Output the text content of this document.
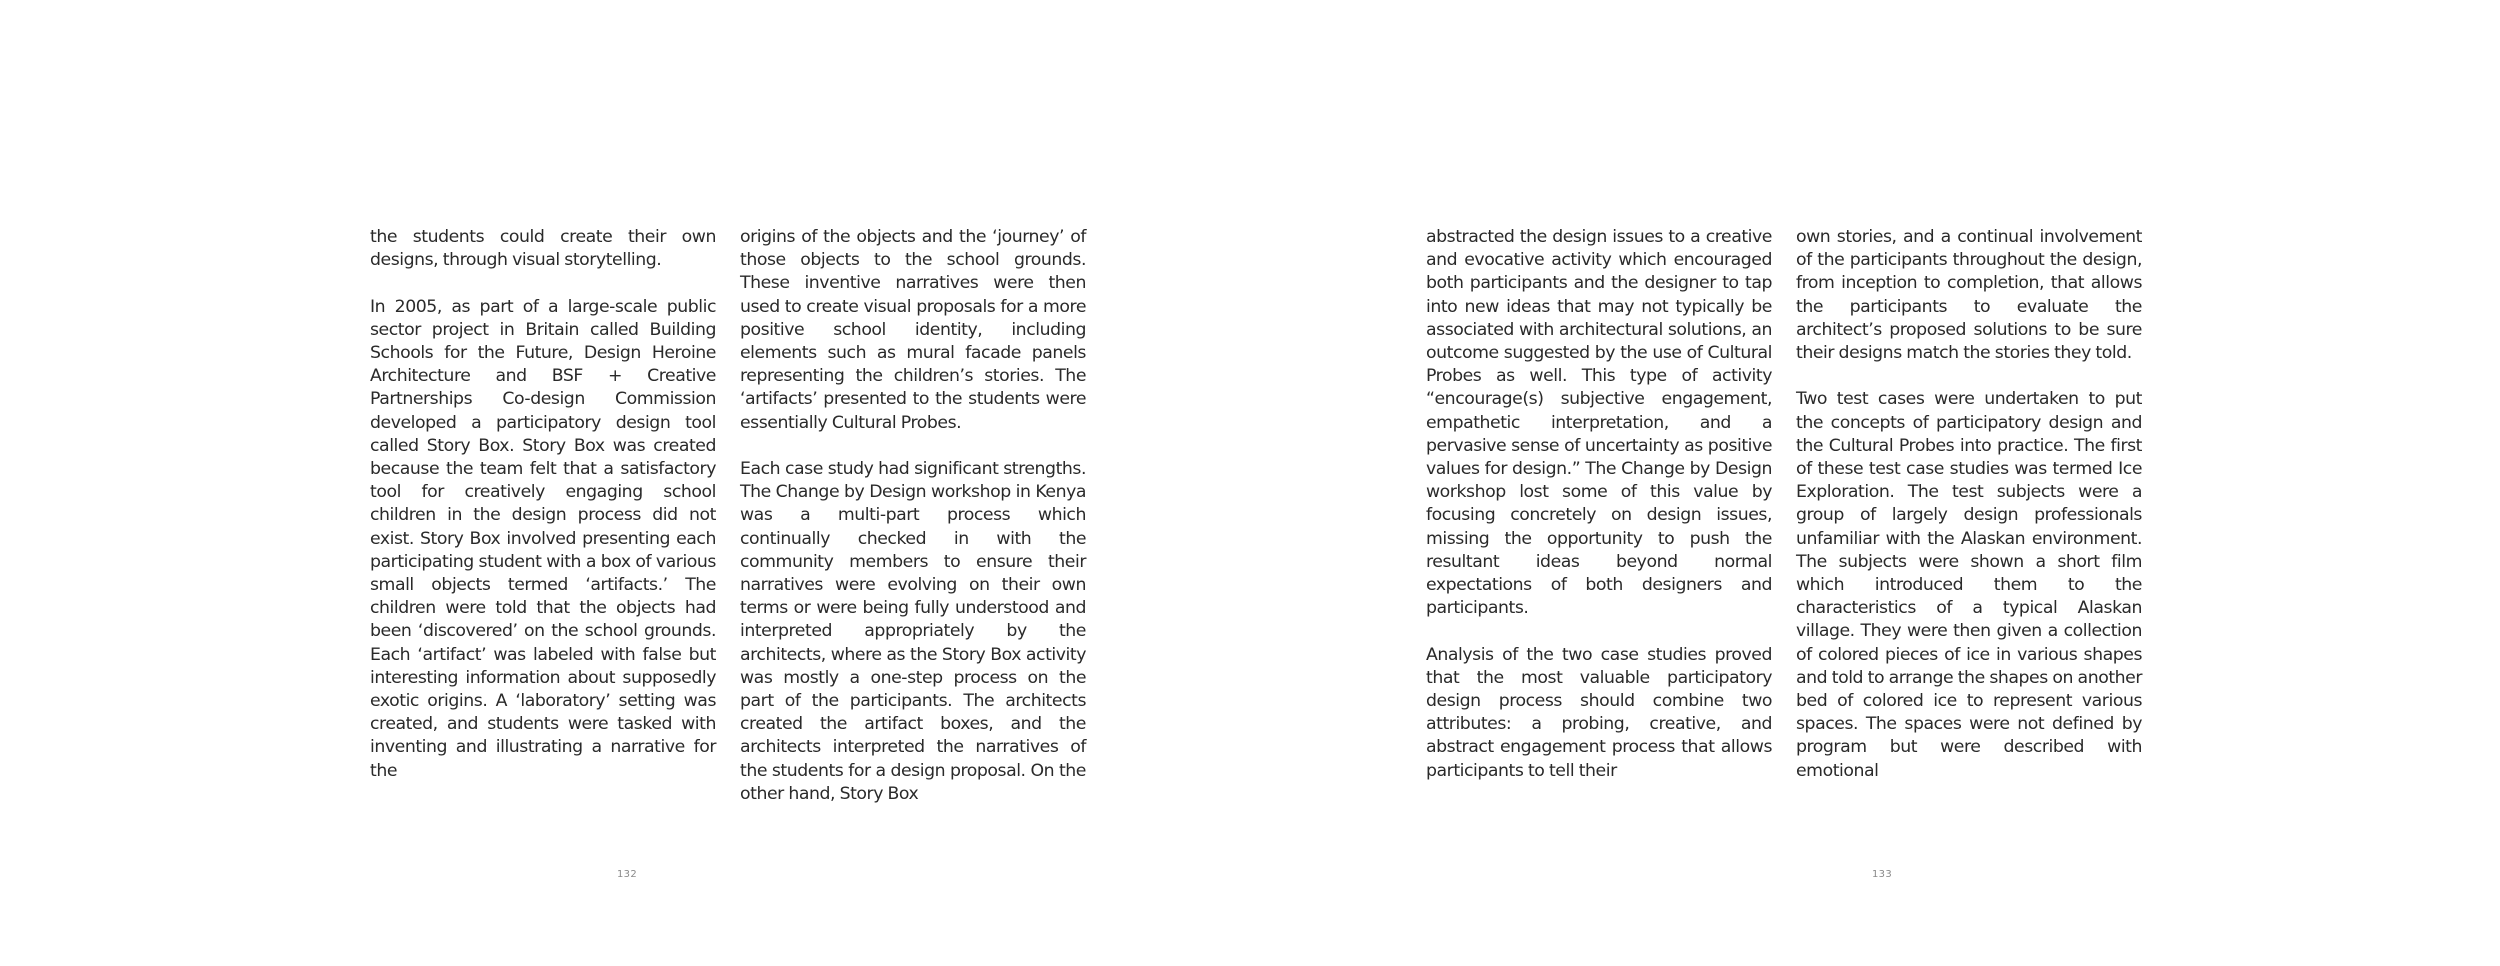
the students could create their own designs, through visual storytelling.

In 2005, as part of a large-scale public sector project in Britain called Building Schools for the Future, Design Heroine Architecture and BSF + Creative Partnerships Co-design Commission developed a participatory design tool called Story Box. Story Box was created because the team felt that a satisfactory tool for creatively engaging school children in the design process did not exist. Story Box involved presenting each participating student with a box of various small objects termed ‘artifacts.’ The children were told that the objects had been ‘discovered’ on the school grounds. Each ‘artifact’ was labeled with false but interesting information about supposedly exotic origins. A ‘laboratory’ setting was created, and students were tasked with inventing and illustrating a narrative for the

origins of the objects and the ‘journey’ of those objects to the school grounds. These inventive narratives were then used to create visual proposals for a more positive school identity, including elements such as mural facade panels representing the children’s stories. The ‘artifacts’ presented to the students were essentially Cultural Probes.

Each case study had significant strengths. The Change by Design workshop in Kenya was a multi-part process which continually checked in with the community members to ensure their narratives were evolving on their own terms or were being fully understood and interpreted appropriately by the architects, where as the Story Box activity was mostly a one-step process on the part of the participants. The architects created the artifact boxes, and the architects interpreted the narratives of the students for a design proposal. On the other hand, Story Box

132

abstracted the design issues to a creative and evocative activity which encouraged both participants and the designer to tap into new ideas that may not typically be associated with architectural solutions, an outcome suggested by the use of Cultural Probes as well. This type of activity “encourage(s) subjective engagement, empathetic interpretation, and a pervasive sense of uncertainty as positive values for design.” The Change by Design workshop lost some of this value by focusing concretely on design issues, missing the opportunity to push the resultant ideas beyond normal expectations of both designers and participants.

Analysis of the two case studies proved that the most valuable participatory design process should combine two attributes: a probing, creative, and abstract engagement process that allows participants to tell their

own stories, and a continual involvement of the participants throughout the design, from inception to completion, that allows the participants to evaluate the architect’s proposed solutions to be sure their designs match the stories they told.

Two test cases were undertaken to put the concepts of participatory design and the Cultural Probes into practice. The first of these test case studies was termed Ice Exploration. The test subjects were a group of largely design professionals unfamiliar with the Alaskan environment. The subjects were shown a short film which introduced them to the characteristics of a typical Alaskan village. They were then given a collection of colored pieces of ice in various shapes and told to arrange the shapes on another bed of colored ice to represent various spaces. The spaces were not defined by program but were described with emotional

133
